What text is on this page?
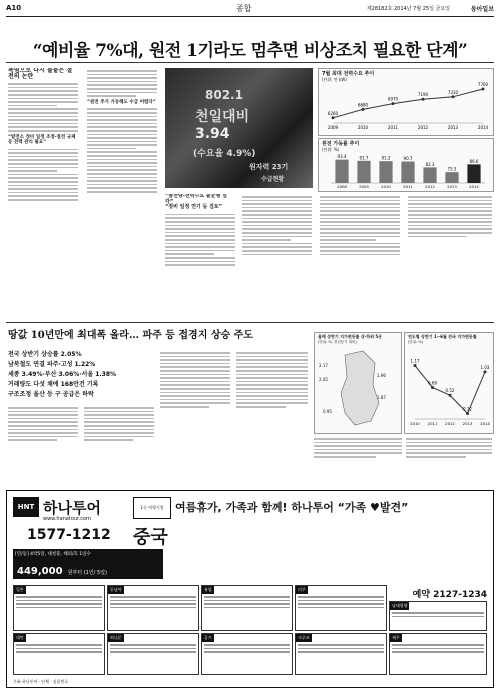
A10	종합	제28182호 2014년 7월 25일 금요일	동아일보
“예비율 7%대, 원전 1기라도 멈추면 비상조치 필요한 단계”
폭염으로 다시 불붙은 절전의 논란
“발전소 정비 일정 조정·절전 규제 등 전력 관리 필요”
“원전 추가 가동해도 수급 어렵다”
802.1
천일대비
3.94
(수요율 4.9%)
원자력 23기
수급현황
“발전량-전력수요 불균형 심각”
“정비 일정 연기 등 검토”
7월 최대 전력수요 추이
(단위: 만 kW)
6260
2009
6680
2010
6970
2011
7190
2012
7310
2013
7700
2014
원전 가동률 추이
(단위: %)
93.4
2008
91.7
2009
91.2
2010
90.7
2011
82.3
2012
75.5
2013
86.6
2014
땅값 10년만에 최대폭 올라… 파주 등 접경지 상승 주도
전국 상반기 상승률 2.05%
남북철도 연결 파주·고성 1.22%
세종 3.49%·부산 3.06%·서울 1.38%
거래량도 다섯 채에 168만건 기록
구조조정 울산 등 구 공급은 하락
올해 상반기 지가변동률 상·하위 5곳
(단위: %, 전년동기 대비)
2.17
2.05
1.96
1.87
0.95
연도별 상반기 1~6월 전국 지가변동률
(단위: %)
1.17
2010
0.69
2011
0.52
2012
0.12
2013
1.03
2014
HNT 하나투어
www.hanatour.com
1577-1212
1등 여행기업	여름휴가, 가족과 함께! 하나투어 “가족 ♥발견”
중국
[연/동] 4박5일, 대청풍, 해외/호 1일수
449,000 원부터 (1인/ 5일)
예약 2127-1234
주최 하나투어 · 단체 · 상품번호 ·
일본	동남아	유럽	미주
남태평양
대만	허니문	골프	크루즈	제주
